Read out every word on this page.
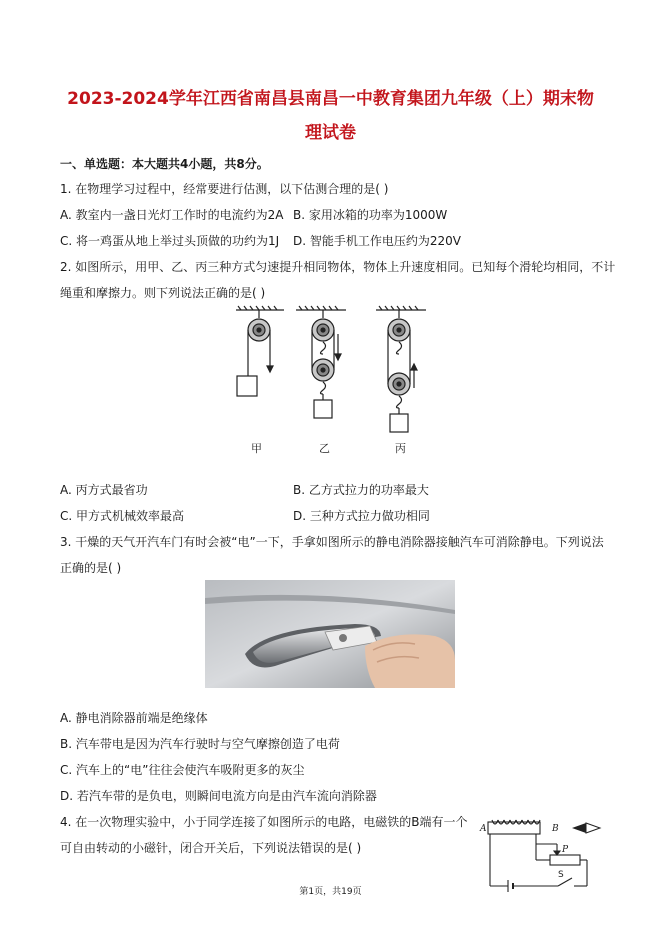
2023-2024学年江西省南昌县南昌一中教育集团九年级（上）期末物
理试卷
一、单选题：本大题共4小题，共8分。
1. 在物理学习过程中，经常要进行估测，以下估测合理的是( )
A. 教室内一盏日光灯工作时的电流约为2A B. 家用冰箱的功率为1000W
C. 将一鸡蛋从地上举过头顶做的功约为1J D. 智能手机工作电压约为220V
2. 如图所示，用甲、乙、丙三种方式匀速提升相同物体，物体上升速度相同。已知每个滑轮均相同，不计
绳重和摩擦力。则下列说法正确的是( )
甲	乙	丙
A. 丙方式最省功	B. 乙方式拉力的功率最大
C. 甲方式机械效率最高	D. 三种方式拉力做功相同
3. 干燥的天气开汽车门有时会被“电”一下，手拿如图所示的静电消除器接触汽车可消除静电。下列说法
正确的是( )
A. 静电消除器前端是绝缘体
B. 汽车带电是因为汽车行驶时与空气摩擦创造了电荷
C. 汽车上的“电”往往会使汽车吸附更多的灰尘
D. 若汽车带的是负电，则瞬间电流方向是由汽车流向消除器
4. 在一次物理实验中，小于同学连接了如图所示的电路，电磁铁的B端有一个
可自由转动的小磁针，闭合开关后，下列说法错误的是( )
A	B
P
S
第1页，共19页
